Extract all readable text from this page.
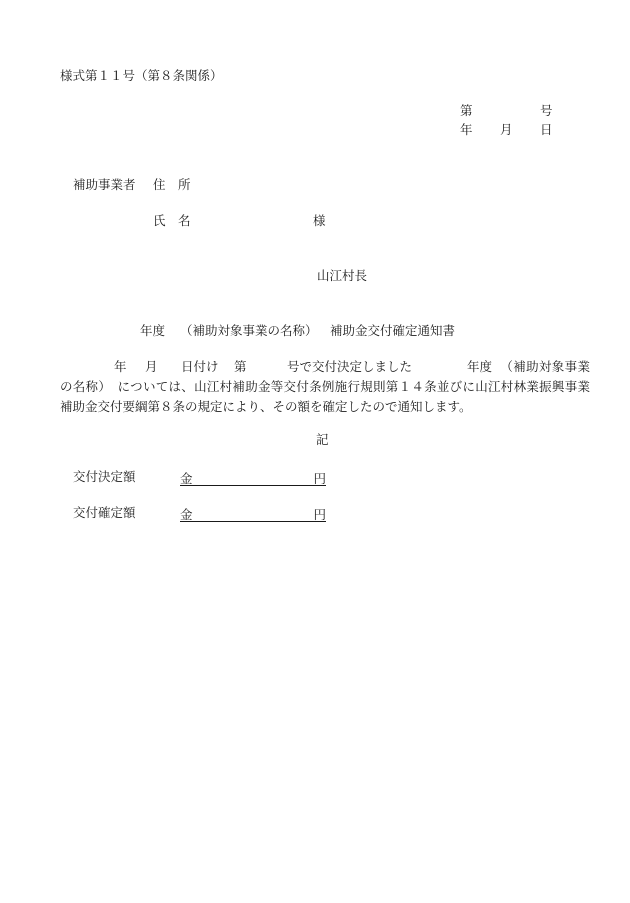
様式第１１号（第８条関係）
第	号
年 月 日
補助事業者 住　所
氏　名	様
山江村長
年度 （補助対象事業の名称） 補助金交付確定通知書
年 月 日付け 第	号で交付決定しました	年度 （補助対象事業の名称）　については、山江村補助金等交付条例施行規則第１４条並びに山江村林業振興事業補助金交付要綱第８条の規定により、その額を確定したので通知します。
記
交付決定額	金	円
交付確定額	金	円
